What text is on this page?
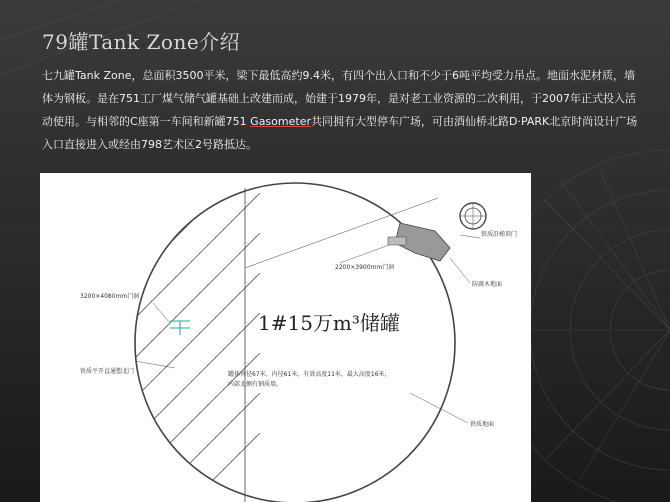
79罐Tank Zone介绍

七九罐Tank Zone，总面积3500平米，梁下最低高约9.4米，有四个出入口和不少于6吨平均受力吊点。地面水泥材质，墙体为钢板。是在751工厂煤气储气罐基础上改建而成，始建于1979年，是对老工业资源的二次利用，于2007年正式投入活动使用。与相邻的C座第一车间和新罐751 Gasometer共同拥有大型停车广场，可由酒仙桥北路D·PARK北京时尚设计广场入口直接进入或经由798艺术区2号路抵达。

3200×4080mm门洞
2200×3900mm门洞
铁质沿梯顶门
防腐木地面
铁质平开直通塑北门
铁质地面
1#15万m³储罐
罐体外径67米，内径61米，有效高度11米，最大高度16米，
内部北侧有钢质墙。
